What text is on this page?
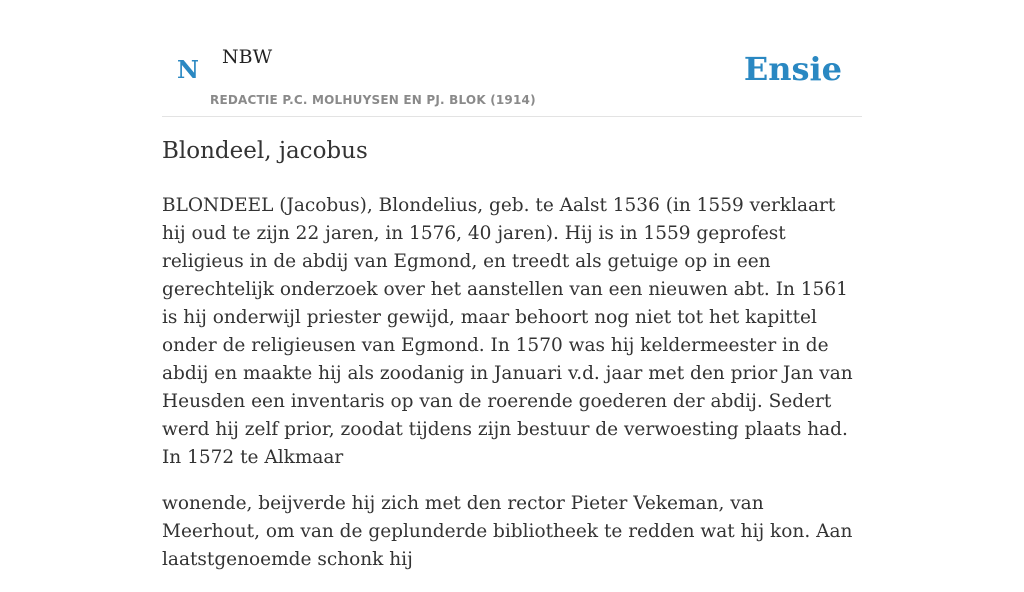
N NBW
REDACTIE P.C. MOLHUYSEN EN PJ. BLOK (1914)
Ensie
Blondeel, jacobus

BLONDEEL (Jacobus), Blondelius, geb. te Aalst 1536 (in 1559 verklaart hij oud te zijn 22 jaren, in 1576, 40 jaren). Hij is in 1559 geprofest religieus in de abdij van Egmond, en treedt als getuige op in een gerechtelijk onderzoek over het aanstellen van een nieuwen abt. In 1561 is hij onderwijl priester gewijd, maar behoort nog niet tot het kapittel onder de religieusen van Egmond. In 1570 was hij keldermeester in de abdij en maakte hij als zoodanig in Januari v.d. jaar met den prior Jan van Heusden een inventaris op van de roerende goederen der abdij. Sedert werd hij zelf prior, zoodat tijdens zijn bestuur de verwoesting plaats had. In 1572 te Alkmaar

wonende, beijverde hij zich met den rector Pieter Vekeman, van Meerhout, om van de geplunderde bibliotheek te redden wat hij kon. Aan laatstgenoemde schonk hij
